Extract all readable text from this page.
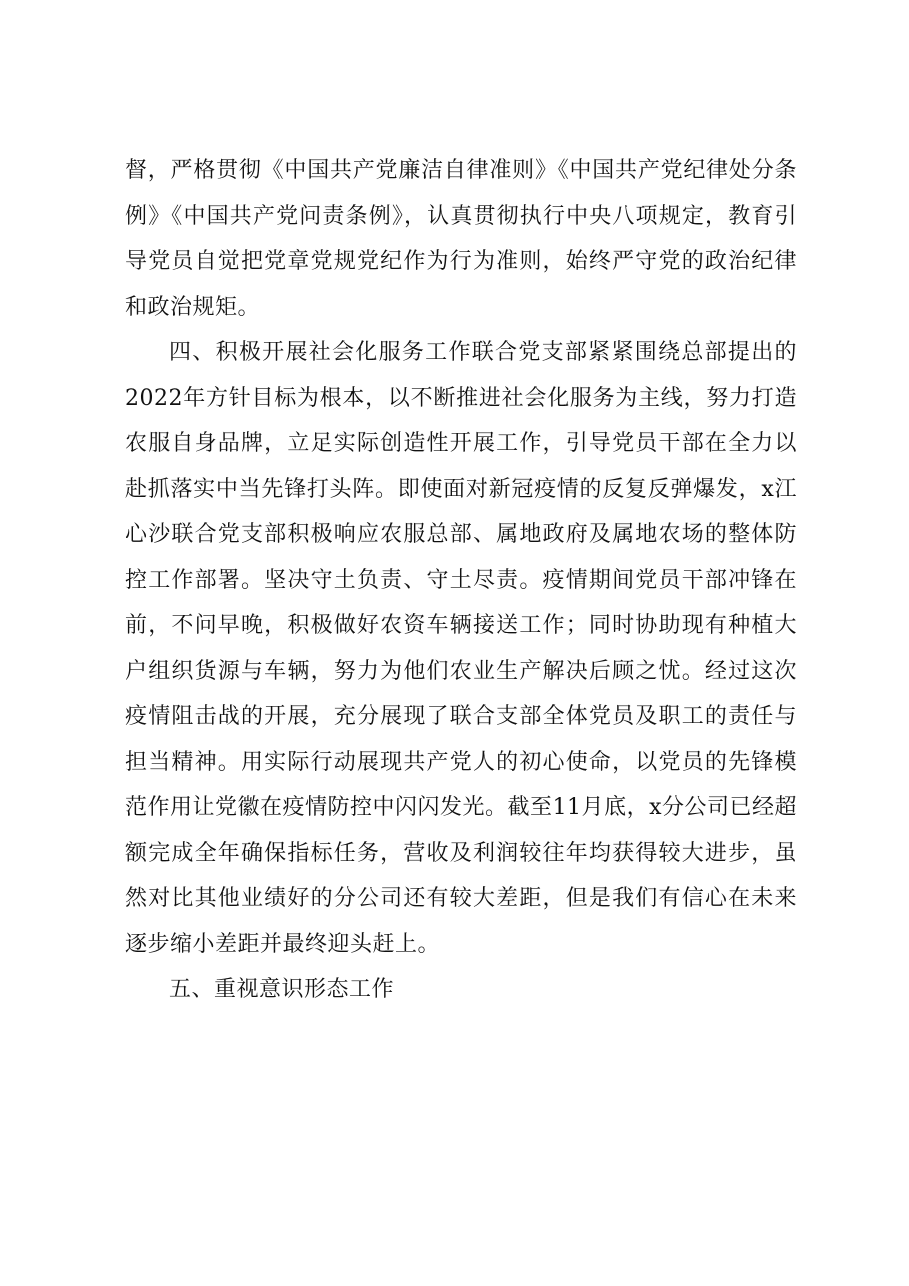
督，严格贯彻《中国共产党廉洁自律准则》《中国共产党纪律处分条例》《中国共产党问责条例》，认真贯彻执行中央八项规定，教育引导党员自觉把党章党规党纪作为行为准则，始终严守党的政治纪律和政治规矩。

四、积极开展社会化服务工作联合党支部紧紧围绕总部提出的2022年方针目标为根本，以不断推进社会化服务为主线，努力打造农服自身品牌，立足实际创造性开展工作，引导党员干部在全力以赴抓落实中当先锋打头阵。即使面对新冠疫情的反复反弹爆发，x江心沙联合党支部积极响应农服总部、属地政府及属地农场的整体防控工作部署。坚决守土负责、守土尽责。疫情期间党员干部冲锋在前，不问早晚，积极做好农资车辆接送工作；同时协助现有种植大户组织货源与车辆，努力为他们农业生产解决后顾之忧。经过这次疫情阻击战的开展，充分展现了联合支部全体党员及职工的责任与担当精神。用实际行动展现共产党人的初心使命，以党员的先锋模范作用让党徽在疫情防控中闪闪发光。截至11月底，x分公司已经超额完成全年确保指标任务，营收及利润较往年均获得较大进步，虽然对比其他业绩好的分公司还有较大差距，但是我们有信心在未来逐步缩小差距并最终迎头赶上。

五、重视意识形态工作
